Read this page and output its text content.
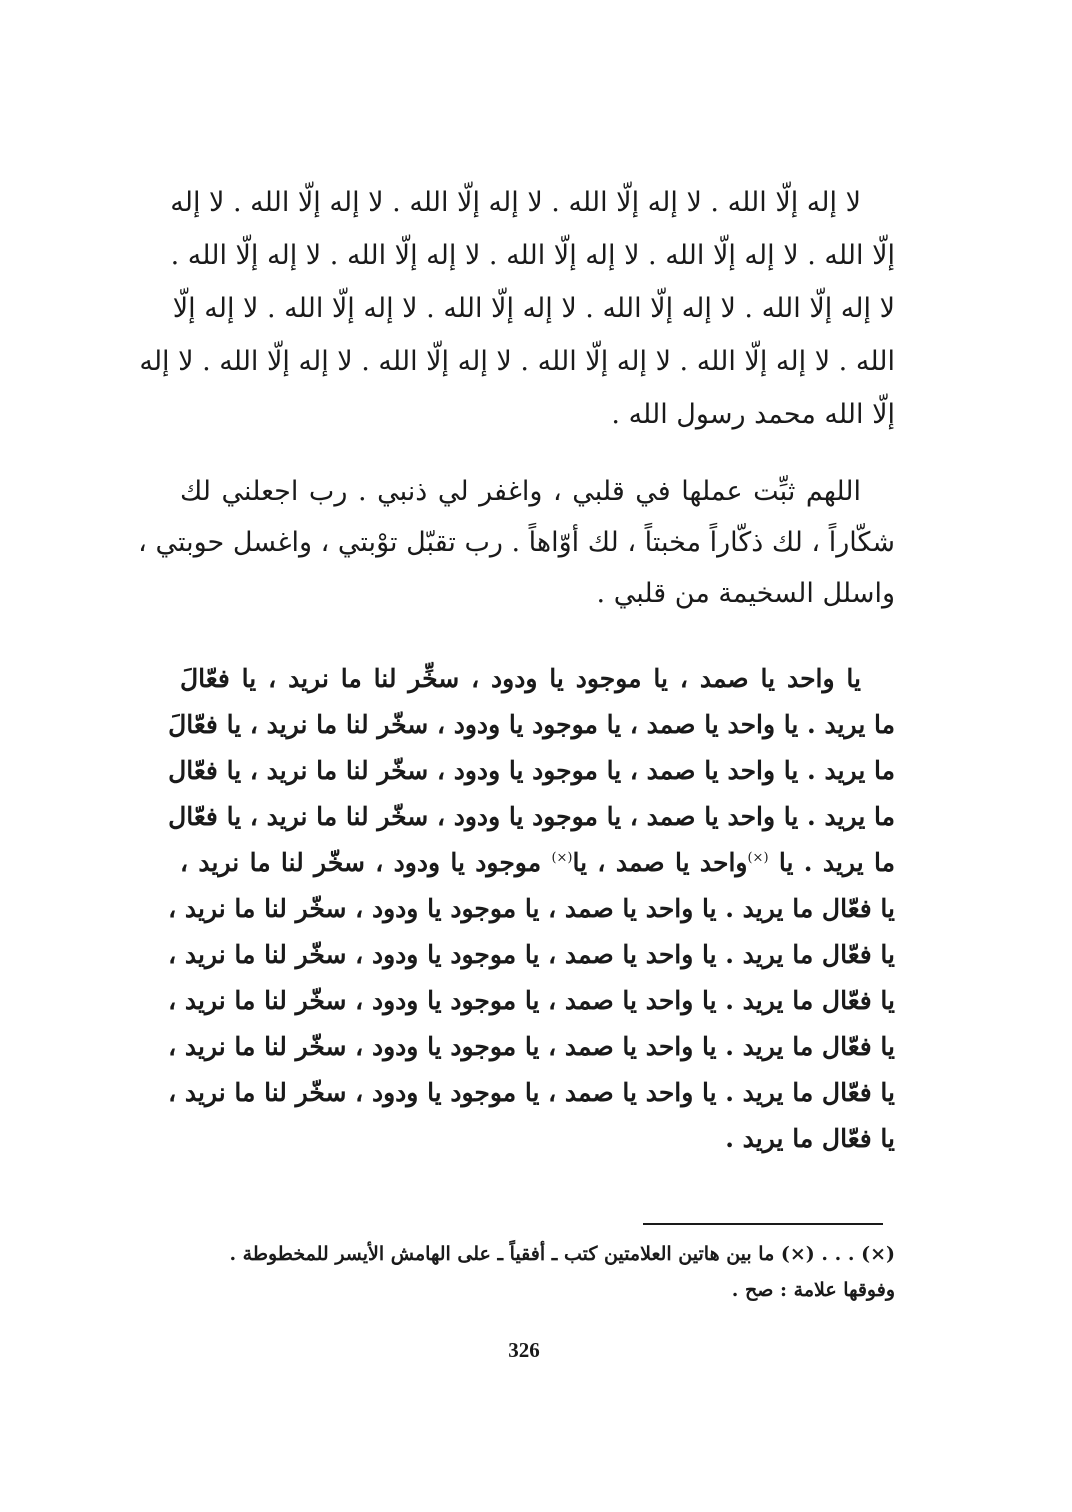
لا إله إلّا الله . لا إله إلّا الله . لا إله إلّا الله . لا إله إلّا الله . لا إله
إلّا الله . لا إله إلّا الله . لا إله إلّا الله . لا إله إلّا الله . لا إله إلّا الله .
لا إله إلّا الله . لا إله إلّا الله . لا إله إلّا الله . لا إله إلّا الله . لا إله إلّا
الله . لا إله إلّا الله . لا إله إلّا الله . لا إله إلّا الله . لا إله إلّا الله . لا إله
إلّا الله محمد رسول الله .
اللهم ثبِّت عملها في قلبي ، واغفر لي ذنبي . رب اجعلني لك
شكّاراً ، لك ذكّاراً مخبتاً ، لك أوّاهاً . رب تقبّل توْبتي ، واغسل حوبتي ،
واسلل السخيمة من قلبي .
يا واحد يا صمد ، يا موجود يا ودود ، سخِّر لنا ما نريد ، يا فعّالَ
ما يريد . يا واحد يا صمد ، يا موجود يا ودود ، سخّر لنا ما نريد ، يا فعّالَ
ما يريد . يا واحد يا صمد ، يا موجود يا ودود ، سخّر لنا ما نريد ، يا فعّال
ما يريد . يا واحد يا صمد ، يا موجود يا ودود ، سخّر لنا ما نريد ، يا فعّال
ما يريد . يا (×)واحد يا صمد ، يا(×) موجود يا ودود ، سخّر لنا ما نريد ،
يا فعّال ما يريد . يا واحد يا صمد ، يا موجود يا ودود ، سخّر لنا ما نريد ،
يا فعّال ما يريد . يا واحد يا صمد ، يا موجود يا ودود ، سخّر لنا ما نريد ،
يا فعّال ما يريد . يا واحد يا صمد ، يا موجود يا ودود ، سخّر لنا ما نريد ،
يا فعّال ما يريد . يا واحد يا صمد ، يا موجود يا ودود ، سخّر لنا ما نريد ،
يا فعّال ما يريد . يا واحد يا صمد ، يا موجود يا ودود ، سخّر لنا ما نريد ،
يا فعّال ما يريد .
(×) . . . (×) ما بين هاتين العلامتين كتب ـ أفقياً ـ على الهامش الأيسر للمخطوطة .
وفوقها علامة : صح .
326
